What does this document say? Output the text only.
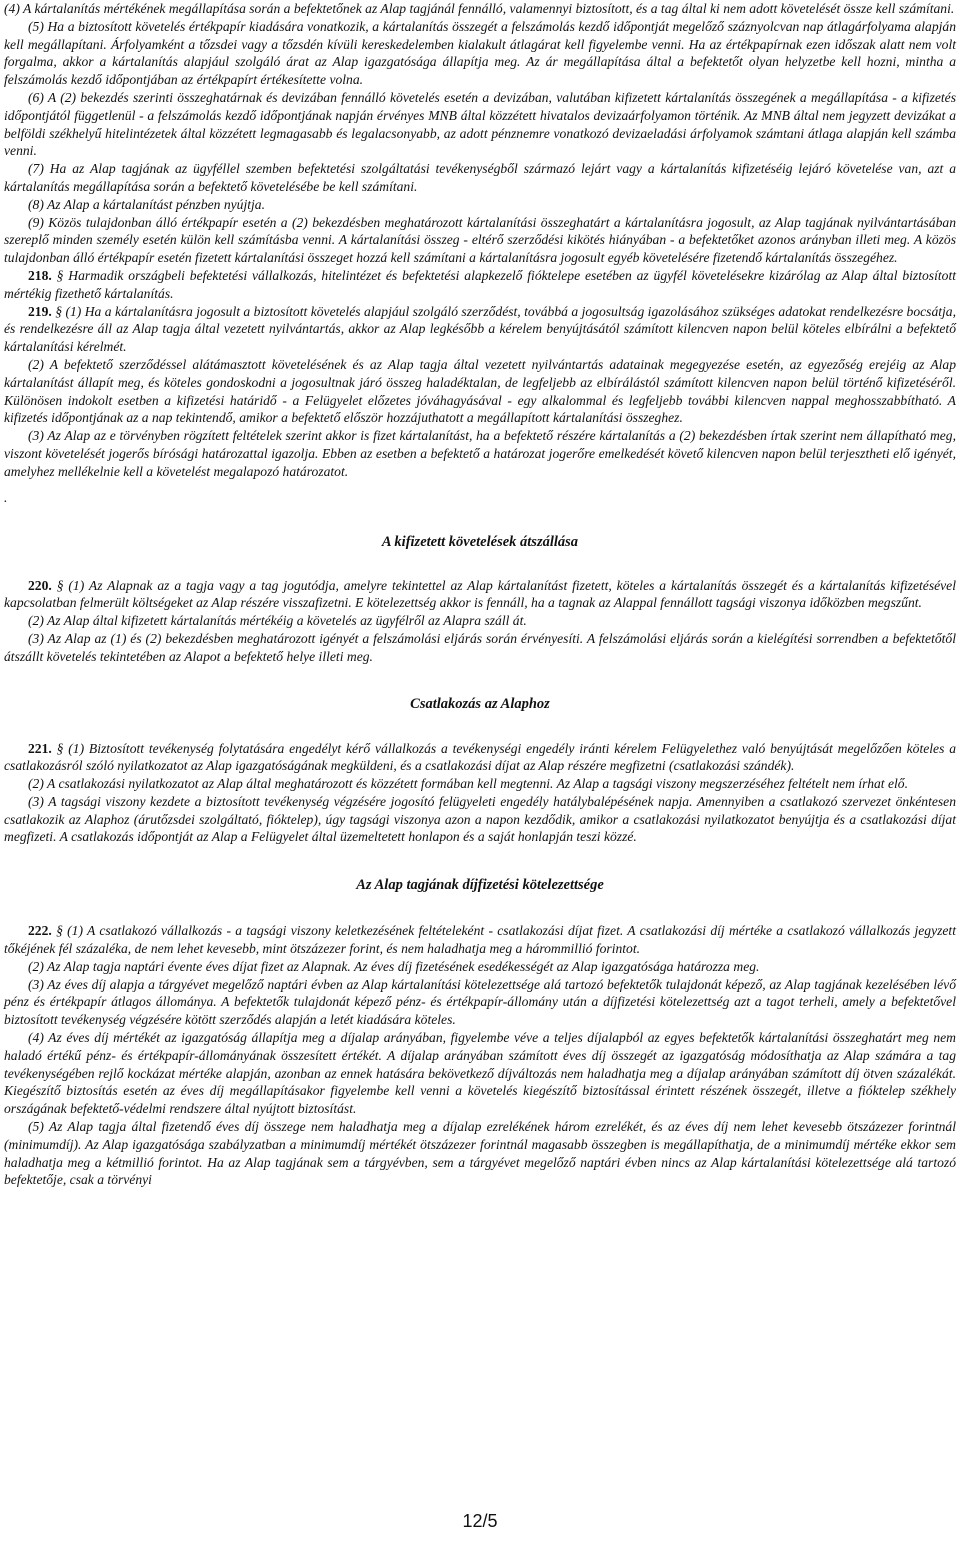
(4) A kártalanítás mértékének megállapítása során a befektetőnek az Alap tagjánál fennálló, valamennyi biztosított, és a tag által ki nem adott követelését össze kell számítani.

(5) Ha a biztosított követelés értékpapír kiadására vonatkozik, a kártalanítás összegét a felszámolás kezdő időpontját megelőző száznyolcvan nap átlagárfolyama alapján kell megállapítani. Árfolyamként a tőzsdei vagy a tőzsdén kívüli kereskedelemben kialakult átlagárat kell figyelembe venni. Ha az értékpapírnak ezen időszak alatt nem volt forgalma, akkor a kártalanítás alapjául szolgáló árat az Alap igazgatósága állapítja meg. Az ár megállapítása által a befektetőt olyan helyzetbe kell hozni, mintha a felszámolás kezdő időpontjában az értékpapírt értékesítette volna.

(6) A (2) bekezdés szerinti összeghatárnak és devizában fennálló követelés esetén a devizában, valutában kifizetett kártalanítás összegének a megállapítása - a kifizetés időpontjától függetlenül - a felszámolás kezdő időpontjának napján érvényes MNB által közzétett hivatalos devizaárfolyamon történik. Az MNB által nem jegyzett devizákat a belföldi székhelyű hitelintézetek által közzétett legmagasabb és legalacsonyabb, az adott pénznemre vonatkozó devizaeladási árfolyamok számtani átlaga alapján kell számba venni.

(7) Ha az Alap tagjának az ügyféllel szemben befektetési szolgáltatási tevékenységből származó lejárt vagy a kártalanítás kifizetéséig lejáró követelése van, azt a kártalanítás megállapítása során a befektető követelésébe be kell számítani.

(8) Az Alap a kártalanítást pénzben nyújtja.

(9) Közös tulajdonban álló értékpapír esetén a (2) bekezdésben meghatározott kártalanítási összeghatárt a kártalanításra jogosult, az Alap tagjának nyilvántartásában szereplő minden személy esetén külön kell számításba venni. A kártalanítási összeg - eltérő szerződési kikötés hiányában - a befektetőket azonos arányban illeti meg. A közös tulajdonban álló értékpapír esetén fizetett kártalanítási összeget hozzá kell számítani a kártalanításra jogosult egyéb követelésére fizetendő kártalanítás összegéhez.

218. § Harmadik országbeli befektetési vállalkozás, hitelintézet és befektetési alapkezelő fióktelepe esetében az ügyfél követelésekre kizárólag az Alap által biztosított mértékig fizethető kártalanítás.

219. § (1) Ha a kártalanításra jogosult a biztosított követelés alapjául szolgáló szerződést, továbbá a jogosultság igazolásához szükséges adatokat rendelkezésre bocsátja, és rendelkezésre áll az Alap tagja által vezetett nyilvántartás, akkor az Alap legkésőbb a kérelem benyújtásától számított kilencven napon belül köteles elbírálni a befektető kártalanítási kérelmét.

(2) A befektető szerződéssel alátámasztott követelésének és az Alap tagja által vezetett nyilvántartás adatainak megegyezése esetén, az egyezőség erejéig az Alap kártalanítást állapít meg, és köteles gondoskodni a jogosultnak járó összeg haladéktalan, de legfeljebb az elbírálástól számított kilencven napon belül történő kifizetéséről. Különösen indokolt esetben a kifizetési határidő - a Felügyelet előzetes jóváhagyásával - egy alkalommal és legfeljebb további kilencven nappal meghosszabbítható. A kifizetés időpontjának az a nap tekintendő, amikor a befektető először hozzájuthatott a megállapított kártalanítási összeghez.

(3) Az Alap az e törvényben rögzített feltételek szerint akkor is fizet kártalanítást, ha a befektető részére kártalanítás a (2) bekezdésben írtak szerint nem állapítható meg, viszont követelését jogerős bírósági határozattal igazolja. Ebben az esetben a befektető a határozat jogerőre emelkedését követő kilencven napon belül terjesztheti elő igényét, amelyhez mellékelnie kell a követelést megalapozó határozatot.

.

A kifizetett követelések átszállása

220. § (1) Az Alapnak az a tagja vagy a tag jogutódja, amelyre tekintettel az Alap kártalanítást fizetett, köteles a kártalanítás összegét és a kártalanítás kifizetésével kapcsolatban felmerült költségeket az Alap részére visszafizetni. E kötelezettség akkor is fennáll, ha a tagnak az Alappal fennállott tagsági viszonya időközben megszűnt.

(2) Az Alap által kifizetett kártalanítás mértékéig a követelés az ügyfélről az Alapra száll át.

(3) Az Alap az (1) és (2) bekezdésben meghatározott igényét a felszámolási eljárás során érvényesíti. A felszámolási eljárás során a kielégítési sorrendben a befektetőtől átszállt követelés tekintetében az Alapot a befektető helye illeti meg.

Csatlakozás az Alaphoz

221. § (1) Biztosított tevékenység folytatására engedélyt kérő vállalkozás a tevékenységi engedély iránti kérelem Felügyelethez való benyújtását megelőzően köteles a csatlakozásról szóló nyilatkozatot az Alap igazgatóságának megküldeni, és a csatlakozási díjat az Alap részére megfizetni (csatlakozási szándék).

(2) A csatlakozási nyilatkozatot az Alap által meghatározott és közzétett formában kell megtenni. Az Alap a tagsági viszony megszerzéséhez feltételt nem írhat elő.

(3) A tagsági viszony kezdete a biztosított tevékenység végzésére jogosító felügyeleti engedély hatálybalépésének napja. Amennyiben a csatlakozó szervezet önkéntesen csatlakozik az Alaphoz (árutőzsdei szolgáltató, fióktelep), úgy tagsági viszonya azon a napon kezdődik, amikor a csatlakozási nyilatkozatot benyújtja és a csatlakozási díjat megfizeti. A csatlakozás időpontját az Alap a Felügyelet által üzemeltetett honlapon és a saját honlapján teszi közzé.

Az Alap tagjának díjfizetési kötelezettsége

222. § (1) A csatlakozó vállalkozás - a tagsági viszony keletkezésének feltételeként - csatlakozási díjat fizet. A csatlakozási díj mértéke a csatlakozó vállalkozás jegyzett tőkéjének fél százaléka, de nem lehet kevesebb, mint ötszázezer forint, és nem haladhatja meg a hárommillió forintot.

(2) Az Alap tagja naptári évente éves díjat fizet az Alapnak. Az éves díj fizetésének esedékességét az Alap igazgatósága határozza meg.

(3) Az éves díj alapja a tárgyévet megelőző naptári évben az Alap kártalanítási kötelezettsége alá tartozó befektetők tulajdonát képező, az Alap tagjának kezelésében lévő pénz és értékpapír átlagos állománya. A befektetők tulajdonát képező pénz- és értékpapír-állomány után a díjfizetési kötelezettség azt a tagot terheli, amely a befektetővel biztosított tevékenység végzésére kötött szerződés alapján a letét kiadására köteles.

(4) Az éves díj mértékét az igazgatóság állapítja meg a díjalap arányában, figyelembe véve a teljes díjalapból az egyes befektetők kártalanítási összeghatárt meg nem haladó értékű pénz- és értékpapír-állományának összesített értékét. A díjalap arányában számított éves díj összegét az igazgatóság módosíthatja az Alap számára a tag tevékenységében rejlő kockázat mértéke alapján, azonban az ennek hatására bekövetkező díjváltozás nem haladhatja meg a díjalap arányában számított díj ötven százalékát. Kiegészítő biztosítás esetén az éves díj megállapításakor figyelembe kell venni a követelés kiegészítő biztosítással érintett részének összegét, illetve a fióktelep székhely országának befektető-védelmi rendszere által nyújtott biztosítást.

(5) Az Alap tagja által fizetendő éves díj összege nem haladhatja meg a díjalap ezrelékének három ezrelékét, és az éves díj nem lehet kevesebb ötszázezer forintnál (minimumdíj). Az Alap igazgatósága szabályzatban a minimumdíj mértékét ötszázezer forintnál magasabb összegben is megállapíthatja, de a minimumdíj mértéke ekkor sem haladhatja meg a kétmillió forintot. Ha az Alap tagjának sem a tárgyévben, sem a tárgyévet megelőző naptári évben nincs az Alap kártalanítási kötelezettsége alá tartozó befektetője, csak a törvényi

12/5
